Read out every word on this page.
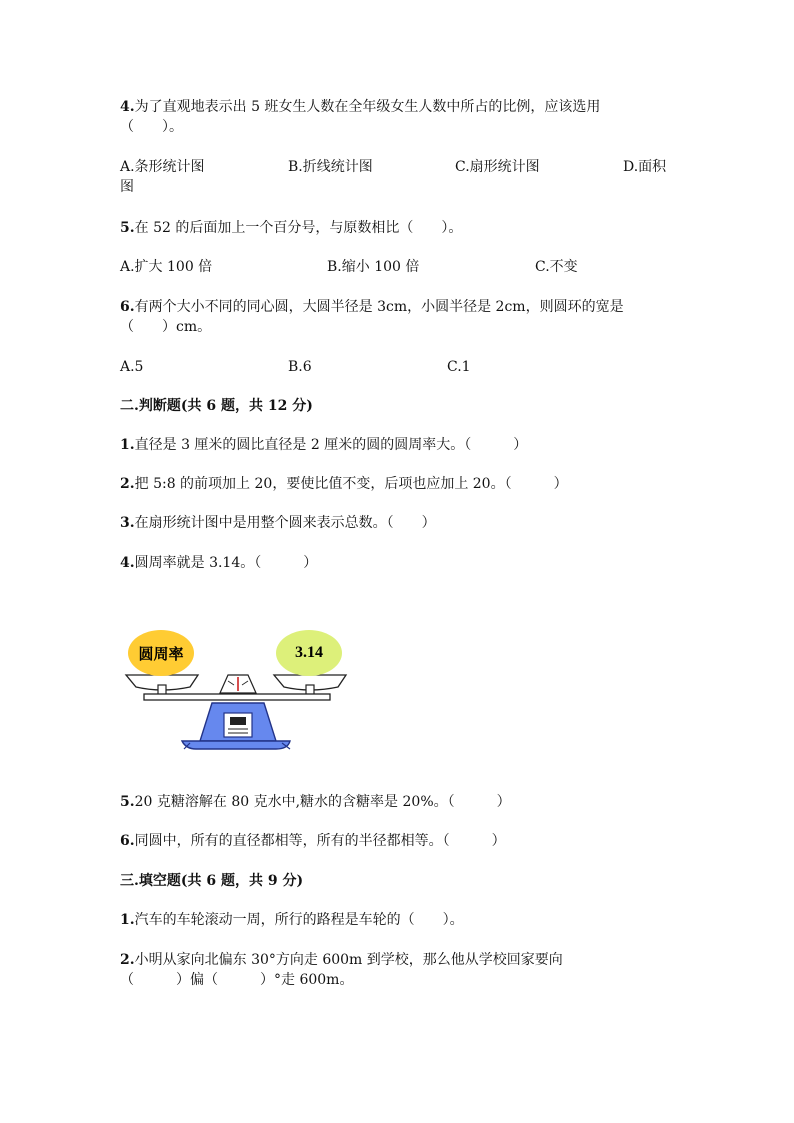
4.为了直观地表示出 5 班女生人数在全年级女生人数中所占的比例，应该选用
（　　）。
A.条形统计图	B.折线统计图	C.扇形统计图	D.面积
图
5.在 52 的后面加上一个百分号，与原数相比（　　）。
A.扩大 100 倍	B.缩小 100 倍	C.不变
6.有两个大小不同的同心圆，大圆半径是 3cm，小圆半径是 2cm，则圆环的宽是
（　　）cm。
A.5	B.6	C.1
二.判断题(共 6 题，共 12 分)
1.直径是 3 厘米的圆比直径是 2 厘米的圆的圆周率大。（　　　）
2.把 5:8 的前项加上 20，要使比值不变，后项也应加上 20。（　　　）
3.在扇形统计图中是用整个圆来表示总数。（　　）
4.圆周率就是 3.14。（　　　）
圆周率	3.14
5.20 克糖溶解在 80 克水中,糖水的含糖率是 20%。（　　　）
6.同圆中，所有的直径都相等，所有的半径都相等。（　　　）
三.填空题(共 6 题，共 9 分)
1.汽车的车轮滚动一周，所行的路程是车轮的（　　）。
2.小明从家向北偏东 30°方向走 600m 到学校，那么他从学校回家要向
（　　　）偏（　　　）°走 600m。
